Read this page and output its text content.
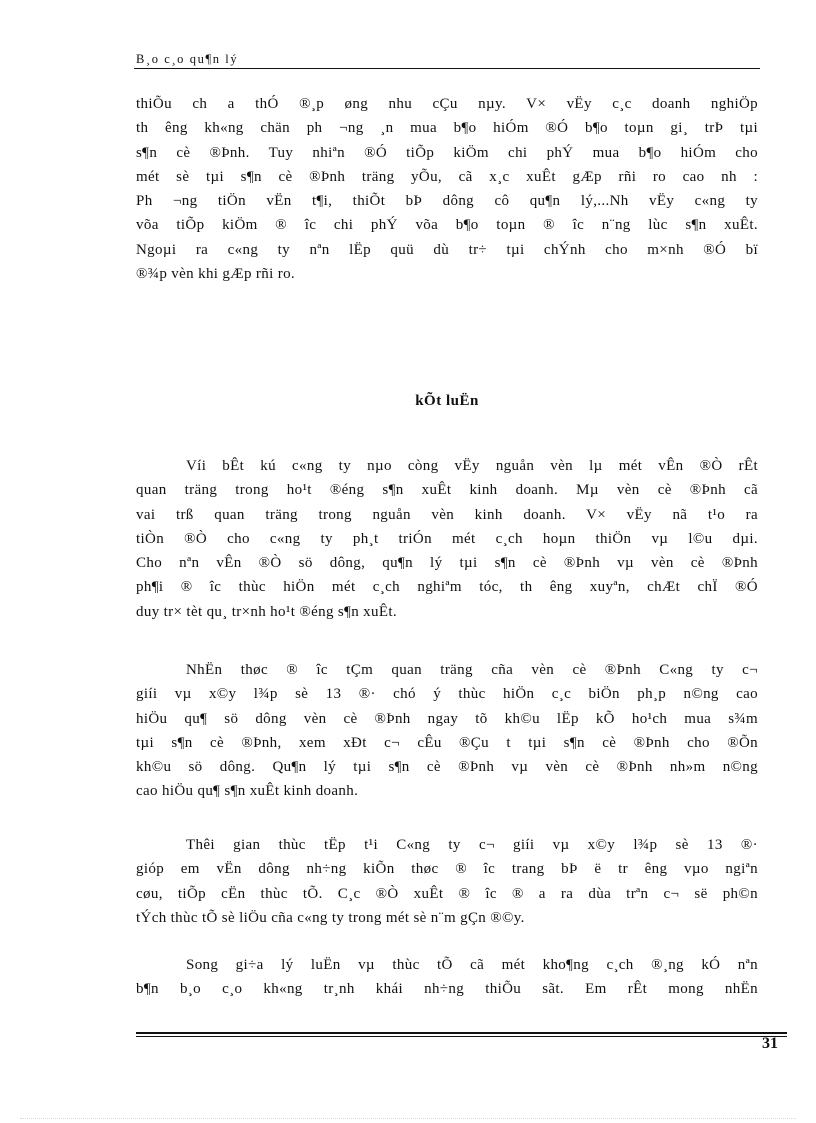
B¸o c¸o qu¶n lý
thiÕu ch a thÓ ®¸p øng nhu cÇu nµy. V× vËy c¸c doanh nghiÖp
th êng kh«ng chän ph ¬ng ¸n mua b¶o hiÓm ®Ó b¶o toµn gi¸ trÞ tµi
s¶n cè ®Þnh. Tuy nhiªn ®Ó tiÕp kiÖm chi phÝ mua b¶o hiÓm cho
mét sè tµi s¶n cè ®Þnh träng yÕu, cã x¸c xuÊt gÆp rñi ro cao nh :
Ph ¬ng tiÖn vËn t¶i, thiÕt bÞ dông cô qu¶n lý,...Nh vËy c«ng ty
võa tiÕp kiÖm ® îc chi phÝ võa b¶o toµn ® îc n¨ng lùc s¶n xuÊt.
Ngoµi ra c«ng ty nªn lËp quü dù tr÷ tµi chÝnh cho m×nh ®Ó bï
®¾p vèn khi gÆp rñi ro.
kÕt luËn
Víi bÊt kú c«ng ty nµo còng vËy nguån vèn lµ mét vÊn ®Ò rÊt
quan träng trong ho¹t ®éng s¶n xuÊt kinh doanh. Mµ vèn cè ®Þnh cã
vai trß quan träng trong nguån vèn kinh doanh. V× vËy nã t¹o ra
tiÒn ®Ò cho c«ng ty ph¸t triÓn mét c¸ch hoµn thiÖn vµ l©u dµi.
Cho nªn vÊn ®Ò sö dông, qu¶n lý tµi s¶n cè ®Þnh vµ vèn cè ®Þnh
ph¶i ® îc thùc hiÖn mét c¸ch nghiªm tóc, th êng xuyªn, chÆt chÏ ®Ó
duy tr× tèt qu¸ tr×nh ho¹t ®éng s¶n xuÊt.
NhËn thøc ® îc tÇm quan träng cña vèn cè ®Þnh C«ng ty c¬
giíi vµ x©y l¾p sè 13 ®· chó ý thùc hiÖn c¸c biÖn ph¸p n©ng cao
hiÖu qu¶ sö dông vèn cè ®Þnh ngay tõ kh©u lËp kÕ ho¹ch mua s¾m
tµi s¶n cè ®Þnh, xem xÐt c¬ cÊu ®Çu t tµi s¶n cè ®Þnh cho ®Õn
kh©u sö dông. Qu¶n lý tµi s¶n cè ®Þnh vµ vèn cè ®Þnh nh»m n©ng
cao hiÖu qu¶ s¶n xuÊt kinh doanh.
Thêi gian thùc tËp t¹i C«ng ty c¬ giíi vµ x©y l¾p sè 13 ®·
gióp em vËn dông nh÷ng kiÕn thøc ® îc trang bÞ ë tr êng vµo ngiªn
cøu, tiÕp cËn thùc tÕ. C¸c ®Ò xuÊt ® îc ® a ra dùa trªn c¬ së ph©n
tÝch thùc tÕ sè liÖu cña c«ng ty trong mét sè n¨m gÇn ®©y.
Song gi÷a lý luËn vµ thùc tÕ cã mét kho¶ng c¸ch ®¸ng kÓ nªn
b¶n b¸o c¸o kh«ng tr¸nh khái nh÷ng thiÕu sãt. Em rÊt mong nhËn
31
